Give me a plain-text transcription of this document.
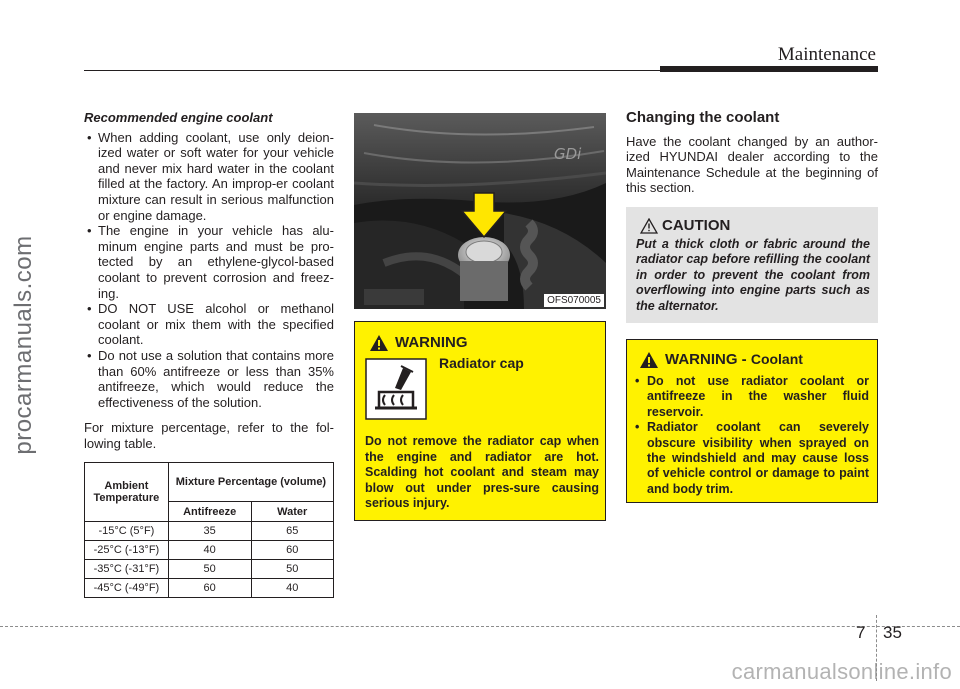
Maintenance
procarmanuals.com
carmanualsonline.info

Recommended engine coolant

• When adding coolant, use only deion-ized water or soft water for your vehicle and never mix hard water in the coolant filled at the factory. An improp-er coolant mixture can result in serious malfunction or engine damage.
• The engine in your vehicle has alu-minum engine parts and must be pro-tected by an ethylene-glycol-based coolant to prevent corrosion and freez-ing.
• DO NOT USE alcohol or methanol coolant or mix them with the specified coolant.
• Do not use a solution that contains more than 60% antifreeze or less than 35% antifreeze, which would reduce the effectiveness of the solution.

For mixture percentage, refer to the fol-lowing table.

Ambient Temperature	Mixture Percentage (volume)	
	Antifreeze	Water
-15°C (5°F)	35	65
-25°C (-13°F)	40	60
-35°C (-31°F)	50	50
-45°C (-49°F)	60	40
GDi
OFS070005
WARNING
Radiator cap
Do not remove the radiator cap when the engine and radiator are hot. Scalding hot coolant and steam may blow out under pres-sure causing serious injury.

Changing the coolant

Have the coolant changed by an author-ized HYUNDAI dealer according to the Maintenance Schedule at the beginning of this section.

CAUTION
Put a thick cloth or fabric around the radiator cap before refilling the coolant in order to prevent the coolant from overflowing into engine parts such as the alternator.
WARNING - Coolant
• Do not use radiator coolant or antifreeze in the washer fluid reservoir.
• Radiator coolant can severely obscure visibility when sprayed on the windshield and may cause loss of vehicle control or damage to paint and body trim.
7 35
